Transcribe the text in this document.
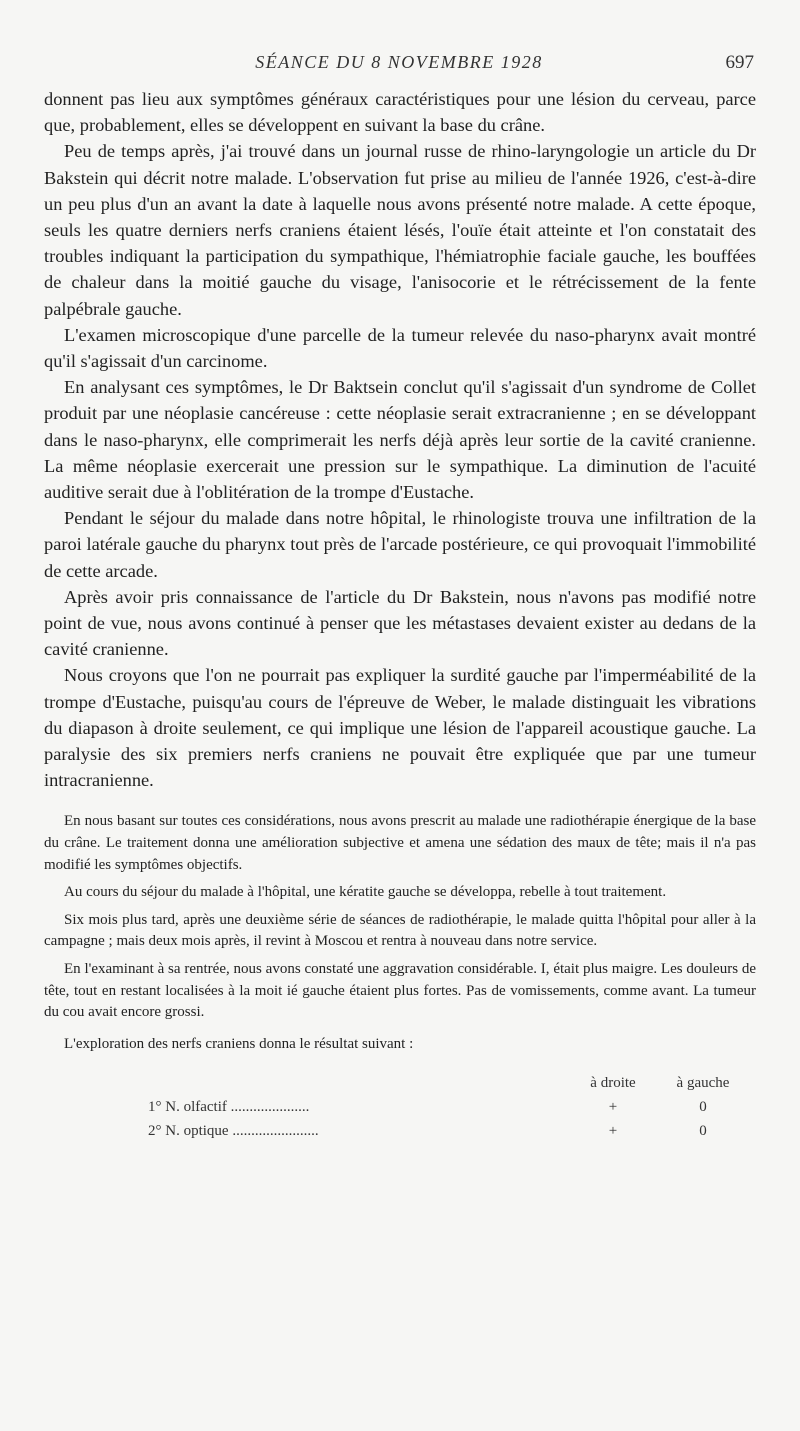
SÉANCE DU 8 NOVEMBRE 1928	697

donnent pas lieu aux symptômes généraux caractéristiques pour une lésion du cerveau, parce que, probablement, elles se développent en suivant la base du crâne.

Peu de temps après, j'ai trouvé dans un journal russe de rhino-laryngologie un article du Dr Bakstein qui décrit notre malade. L'observation fut prise au milieu de l'année 1926, c'est-à-dire un peu plus d'un an avant la date à laquelle nous avons présenté notre malade. A cette époque, seuls les quatre derniers nerfs craniens étaient lésés, l'ouïe était atteinte et l'on constatait des troubles indiquant la participation du sympathique, l'hémiatrophie faciale gauche, les bouffées de chaleur dans la moitié gauche du visage, l'anisocorie et le rétrécissement de la fente palpébrale gauche.

L'examen microscopique d'une parcelle de la tumeur relevée du naso-pharynx avait montré qu'il s'agissait d'un carcinome.

En analysant ces symptômes, le Dr Baktsein conclut qu'il s'agissait d'un syndrome de Collet produit par une néoplasie cancéreuse : cette néoplasie serait extracranienne ; en se développant dans le naso-pharynx, elle comprimerait les nerfs déjà après leur sortie de la cavité cranienne. La même néoplasie exercerait une pression sur le sympathique. La diminution de l'acuité auditive serait due à l'oblitération de la trompe d'Eustache.

Pendant le séjour du malade dans notre hôpital, le rhinologiste trouva une infiltration de la paroi latérale gauche du pharynx tout près de l'arcade postérieure, ce qui provoquait l'immobilité de cette arcade.

Après avoir pris connaissance de l'article du Dr Bakstein, nous n'avons pas modifié notre point de vue, nous avons continué à penser que les métastases devaient exister au dedans de la cavité cranienne.

Nous croyons que l'on ne pourrait pas expliquer la surdité gauche par l'imperméabilité de la trompe d'Eustache, puisqu'au cours de l'épreuve de Weber, le malade distinguait les vibrations du diapason à droite seulement, ce qui implique une lésion de l'appareil acoustique gauche. La paralysie des six premiers nerfs craniens ne pouvait être expliquée que par une tumeur intracranienne.

En nous basant sur toutes ces considérations, nous avons prescrit au malade une radiothérapie énergique de la base du crâne. Le traitement donna une amélioration subjective et amena une sédation des maux de tête; mais il n'a pas modifié les symptômes objectifs.

Au cours du séjour du malade à l'hôpital, une kératite gauche se développa, rebelle à tout traitement.

Six mois plus tard, après une deuxième série de séances de radiothérapie, le malade quitta l'hôpital pour aller à la campagne ; mais deux mois après, il revint à Moscou et rentra à nouveau dans notre service.

En l'examinant à sa rentrée, nous avons constaté une aggravation considérable. I, était plus maigre. Les douleurs de tête, tout en restant localisées à la moit ié gauche étaient plus fortes. Pas de vomissements, comme avant. La tumeur du cou avait encore grossi.

L'exploration des nerfs craniens donna le résultat suivant :

	à droite	à gauche
1° N. olfactif .....................	+	0
2° N. optique .......................	+	0
